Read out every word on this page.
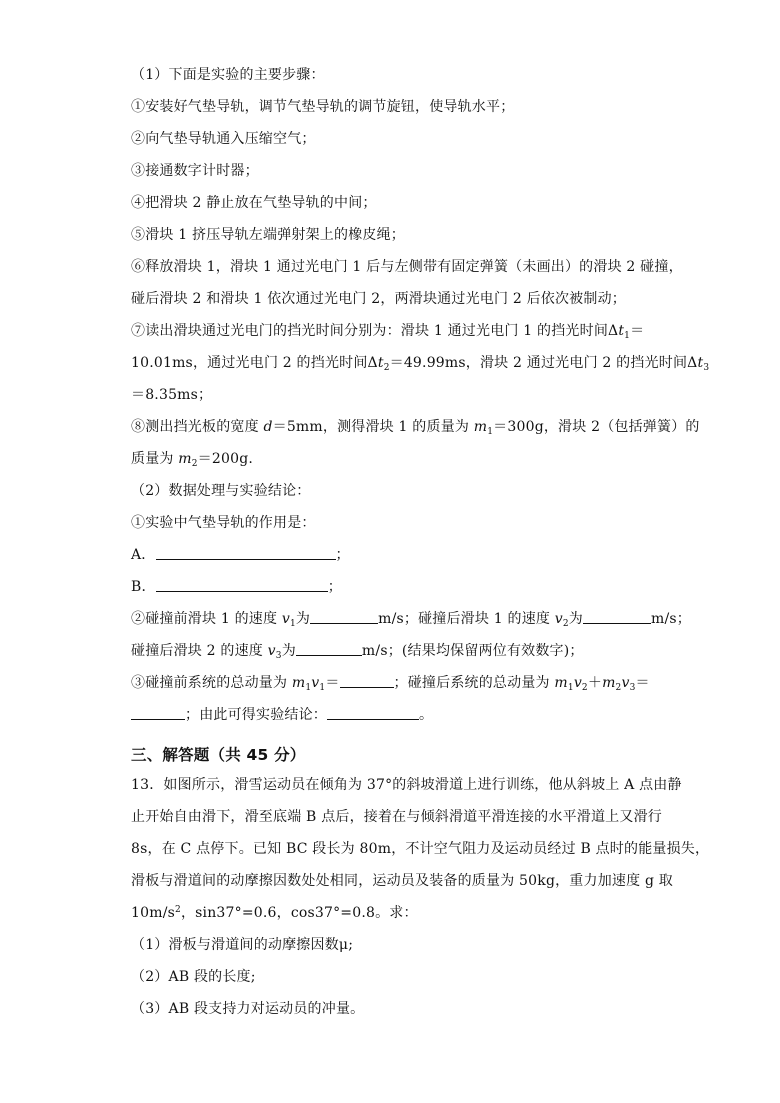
（1）下面是实验的主要步骤：
①安装好气垫导轨，调节气垫导轨的调节旋钮，使导轨水平；
②向气垫导轨通入压缩空气；
③接通数字计时器；
④把滑块 2 静止放在气垫导轨的中间；
⑤滑块 1 挤压导轨左端弹射架上的橡皮绳；
⑥释放滑块 1，滑块 1 通过光电门 1 后与左侧带有固定弹簧（未画出）的滑块 2 碰撞，
碰后滑块 2 和滑块 1 依次通过光电门 2，两滑块通过光电门 2 后依次被制动；
⑦读出滑块通过光电门的挡光时间分别为：滑块 1 通过光电门 1 的挡光时间$\Delta t_1=$
10.01ms，通过光电门 2 的挡光时间$\Delta t_2=49.99ms$，滑块 2 通过光电门 2 的挡光时间$\Delta t_3$
＝8.35ms；
⑧测出挡光板的宽度 d＝5mm，测得滑块 1 的质量为 $m_1=300g$，滑块 2（包括弹簧）的
质量为 $m_2=200g$.
（2）数据处理与实验结论：
①实验中气垫导轨的作用是：
A．	；
B．	；
②碰撞前滑块 1 的速度 $v_1$为	m/s；碰撞后滑块 1 的速度 $v_2$为	m/s；
碰撞后滑块 2 的速度 $v_3$为	m/s；(结果均保留两位有效数字)；
③碰撞前系统的总动量为 $m_1v_1=$	；碰撞后系统的总动量为 $m_1v_2+m_2v_3=$
；由此可得实验结论：	。
三、解答题（共 45 分）
13．如图所示，滑雪运动员在倾角为 37°的斜坡滑道上进行训练，他从斜坡上 A 点由静
止开始自由滑下，滑至底端 B 点后，接着在与倾斜滑道平滑连接的水平滑道上又滑行
8s，在 C 点停下。已知 BC 段长为 80m，不计空气阻力及运动员经过 B 点时的能量损失，
滑板与滑道间的动摩擦因数处处相同，运动员及装备的质量为 50kg，重力加速度 g 取
$10m/s^2$，sin37°=0.6，cos37°=0.8。求：
（1）滑板与滑道间的动摩擦因数μ;
（2）AB 段的长度;
（3）AB 段支持力对运动员的冲量。
